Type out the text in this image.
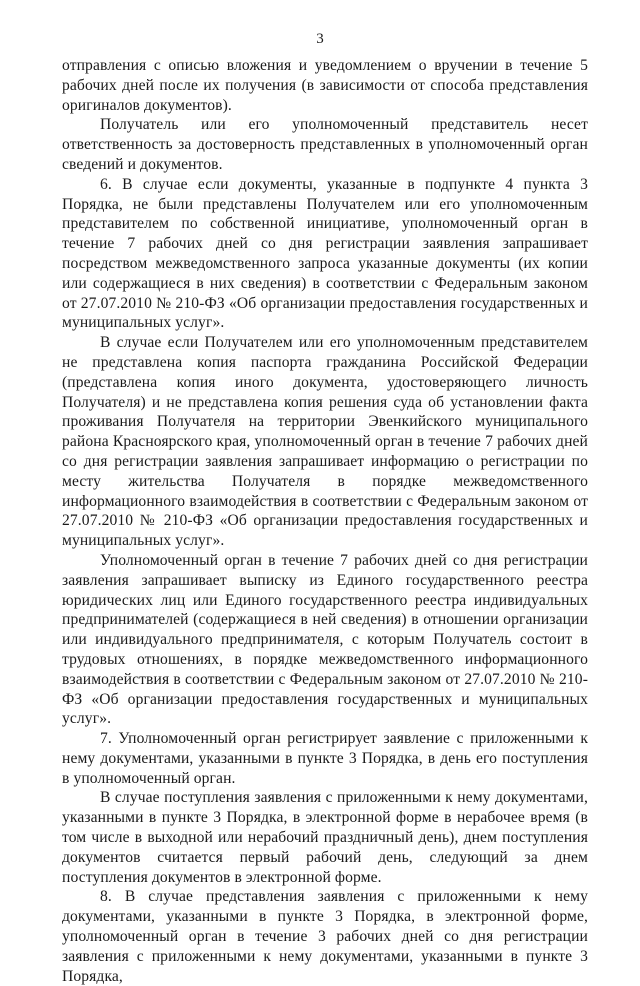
3

отправления с описью вложения и уведомлением о вручении в течение 5 рабочих дней после их получения (в зависимости от способа представления оригиналов документов).

Получатель или его уполномоченный представитель несет ответственность за достоверность представленных в уполномоченный орган сведений и документов.

6. В случае если документы, указанные в подпункте 4 пункта 3 Порядка, не были представлены Получателем или его уполномоченным представителем по собственной инициативе, уполномоченный орган в течение 7 рабочих дней со дня регистрации заявления запрашивает посредством межведомственного запроса указанные документы (их копии или содержащиеся в них сведения) в соответствии с Федеральным законом от 27.07.2010 № 210-ФЗ «Об организации предоставления государственных и муниципальных услуг».

В случае если Получателем или его уполномоченным представителем не представлена копия паспорта гражданина Российской Федерации (представлена копия иного документа, удостоверяющего личность Получателя) и не представлена копия решения суда об установлении факта проживания Получателя на территории Эвенкийского муниципального района Красноярского края, уполномоченный орган в течение 7 рабочих дней со дня регистрации заявления запрашивает информацию о регистрации по месту жительства Получателя в порядке межведомственного информационного взаимодействия в соответствии с Федеральным законом от 27.07.2010 № 210-ФЗ «Об организации предоставления государственных и муниципальных услуг».

Уполномоченный орган в течение 7 рабочих дней со дня регистрации заявления запрашивает выписку из Единого государственного реестра юридических лиц или Единого государственного реестра индивидуальных предпринимателей (содержащиеся в ней сведения) в отношении организации или индивидуального предпринимателя, с которым Получатель состоит в трудовых отношениях, в порядке межведомственного информационного взаимодействия в соответствии с Федеральным законом от 27.07.2010 № 210-ФЗ «Об организации предоставления государственных и муниципальных услуг».

7. Уполномоченный орган регистрирует заявление с приложенными к нему документами, указанными в пункте 3 Порядка, в день его поступления в уполномоченный орган.

В случае поступления заявления с приложенными к нему документами, указанными в пункте 3 Порядка, в электронной форме в нерабочее время (в том числе в выходной или нерабочий праздничный день), днем поступления документов считается первый рабочий день, следующий за днем поступления документов в электронной форме.

8. В случае представления заявления с приложенными к нему документами, указанными в пункте 3 Порядка, в электронной форме, уполномоченный орган в течение 3 рабочих дней со дня регистрации заявления с приложенными к нему документами, указанными в пункте 3 Порядка,
